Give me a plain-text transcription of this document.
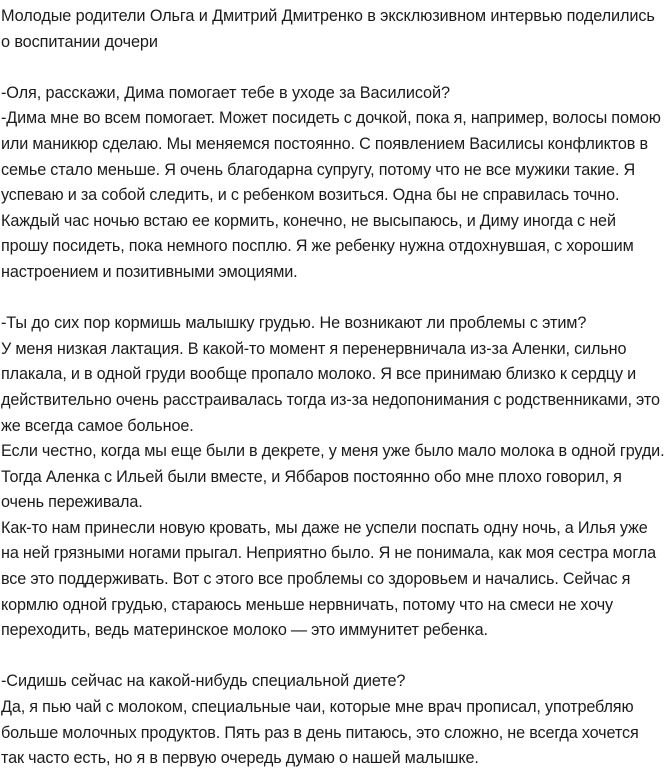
Молодые родители Ольга и Дмитрий Дмитренко в эксклюзивном интервью поделились о воспитании дочери

-Оля, расскажи, Дима помогает тебе в уходе за Василисой?
-Дима мне во всем помогает. Может посидеть с дочкой, пока я, например, волосы помою или маникюр сделаю. Мы меняемся постоянно. С появлением Василисы конфликтов в семье стало меньше. Я очень благодарна супругу, потому что не все мужики такие. Я успеваю и за собой следить, и с ребенком возиться. Одна бы не справилась точно. Каждый час ночью встаю ее кормить, конечно, не высыпаюсь, и Диму иногда с ней прошу посидеть, пока немного посплю. Я же ребенку нужна отдохнувшая, с хорошим настроением и позитивными эмоциями.

-Ты до сих пор кормишь малышку грудью. Не возникают ли проблемы с этим?
У меня низкая лактация. В какой-то момент я перенервничала из-за Аленки, сильно плакала, и в одной груди вообще пропало молоко. Я все принимаю близко к сердцу и действительно очень расстраивалась тогда из-за недопонимания с родственниками, это же всегда самое больное.
Если честно, когда мы еще были в декрете, у меня уже было мало молока в одной груди. Тогда Аленка с Ильей были вместе, и Яббаров постоянно обо мне плохо говорил, я очень переживала.
Как-то нам принесли новую кровать, мы даже не успели поспать одну ночь, а Илья уже на ней грязными ногами прыгал. Неприятно было. Я не понимала, как моя сестра могла все это поддерживать. Вот с этого все проблемы со здоровьем и начались. Сейчас я кормлю одной грудью, стараюсь меньше нервничать, потому что на смеси не хочу переходить, ведь материнское молоко — это иммунитет ребенка.

-Сидишь сейчас на какой-нибудь специальной диете?
Да, я пью чай с молоком, специальные чаи, которые мне врач прописал, употребляю больше молочных продуктов. Пять раз в день питаюсь, это сложно, не всегда хочется так часто есть, но я в первую очередь думаю о нашей малышке.
